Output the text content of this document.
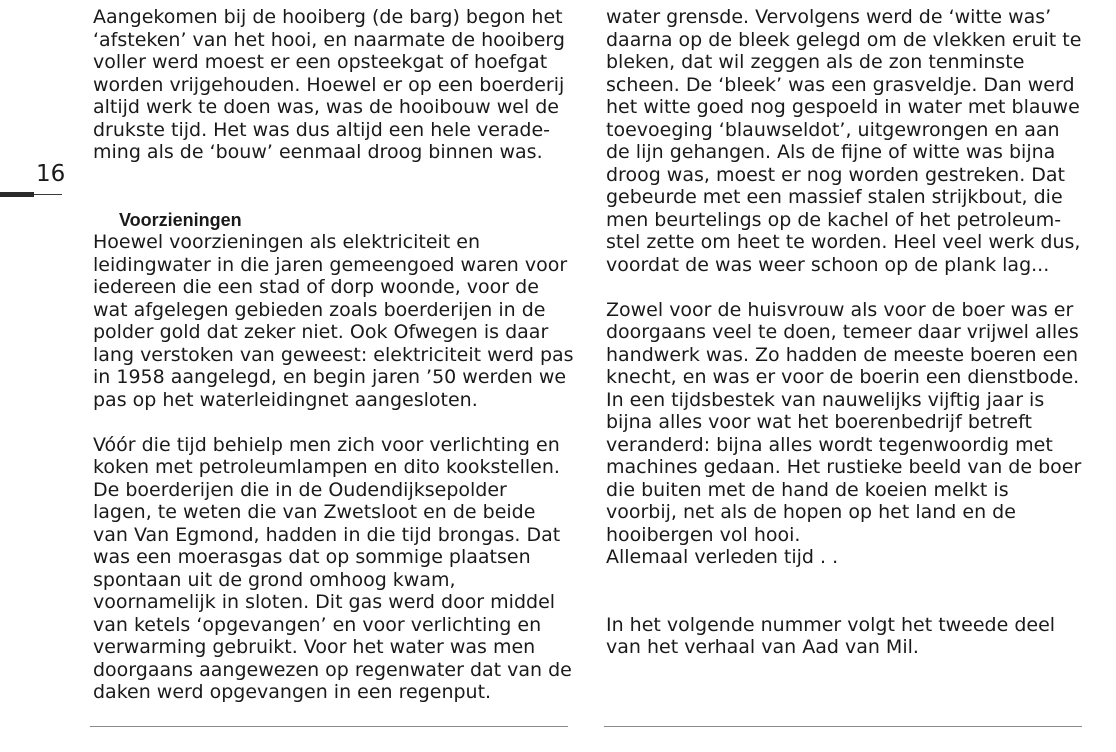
16

Aangekomen bij de hooiberg (de barg) begon het
‘afsteken’ van het hooi, en naarmate de hooiberg
voller werd moest er een opsteekgat of hoefgat
worden vrijgehouden. Hoewel er op een boerderij
altijd werk te doen was, was de hooibouw wel de
drukste tijd. Het was dus altijd een hele verade-
ming als de ‘bouw’ eenmaal droog binnen was.

Voorzieningen

Hoewel voorzieningen als elektriciteit en
leidingwater in die jaren gemeengoed waren voor
iedereen die een stad of dorp woonde, voor de
wat afgelegen gebieden zoals boerderijen in de
polder gold dat zeker niet. Ook Ofwegen is daar
lang verstoken van geweest: elektriciteit werd pas
in 1958 aangelegd, en begin jaren ’50 werden we
pas op het waterleidingnet aangesloten.

Vóór die tijd behielp men zich voor verlichting en
koken met petroleumlampen en dito kookstellen.
De boerderijen die in de Oudendijksepolder
lagen, te weten die van Zwetsloot en de beide
van Van Egmond, hadden in die tijd brongas. Dat
was een moerasgas dat op sommige plaatsen
spontaan uit de grond omhoog kwam,
voornamelijk in sloten. Dit gas werd door middel
van ketels ‘opgevangen’ en voor verlichting en
verwarming gebruikt. Voor het water was men
doorgaans aangewezen op regenwater dat van de
daken werd opgevangen in een regenput.

water grensde. Vervolgens werd de ‘witte was’
daarna op de bleek gelegd om de vlekken eruit te
bleken, dat wil zeggen als de zon tenminste
scheen. De ‘bleek’ was een grasveldje. Dan werd
het witte goed nog gespoeld in water met blauwe
toevoeging ‘blauwseldot’, uitgewrongen en aan
de lijn gehangen. Als de fijne of witte was bijna
droog was, moest er nog worden gestreken. Dat
gebeurde met een massief stalen strijkbout, die
men beurtelings op de kachel of het petroleum-
stel zette om heet te worden. Heel veel werk dus,
voordat de was weer schoon op de plank lag...

Zowel voor de huisvrouw als voor de boer was er
doorgaans veel te doen, temeer daar vrijwel alles
handwerk was. Zo hadden de meeste boeren een
knecht, en was er voor de boerin een dienstbode.
In een tijdsbestek van nauwelijks vijftig jaar is
bijna alles voor wat het boerenbedrijf betreft
veranderd: bijna alles wordt tegenwoordig met
machines gedaan. Het rustieke beeld van de boer
die buiten met de hand de koeien melkt is
voorbij, net als de hopen op het land en de
hooibergen vol hooi.
Allemaal verleden tijd . .

In het volgende nummer volgt het tweede deel
van het verhaal van Aad van Mil.
